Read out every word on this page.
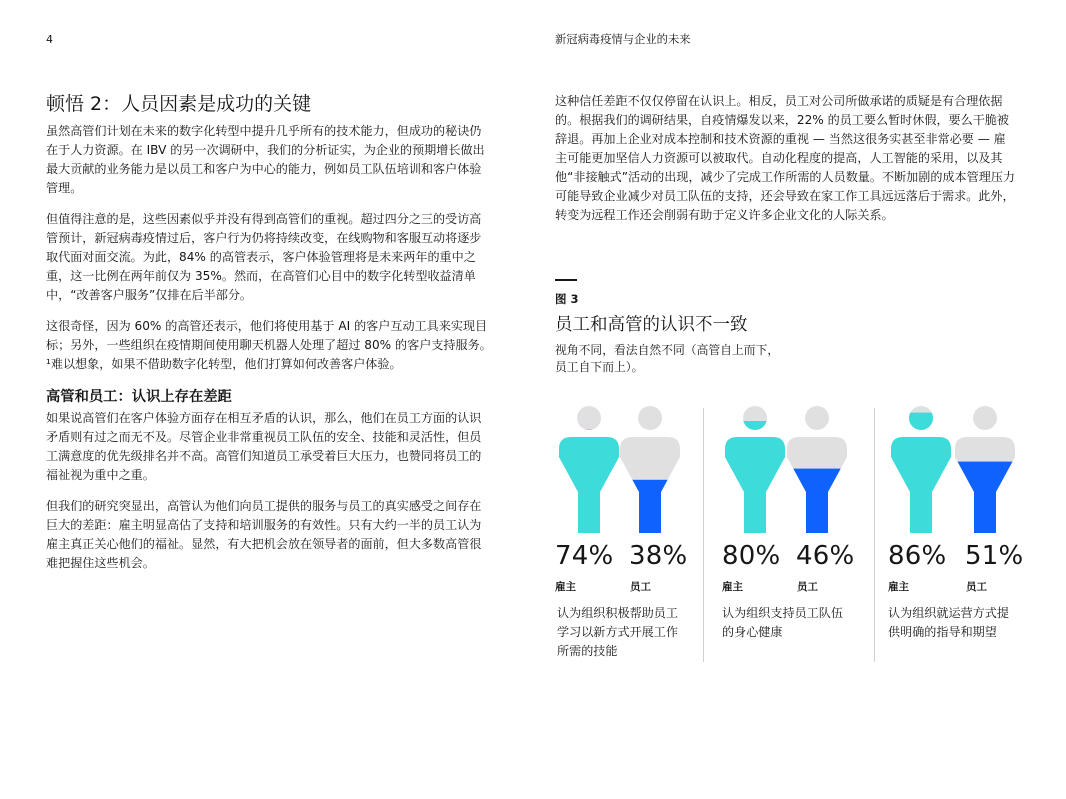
4	新冠病毒疫情与企业的未来
顿悟 2：人员因素是成功的关键

虽然高管们计划在未来的数字化转型中提升几乎所有的技术能力，但成功的秘诀仍在于人力资源。在 IBV 的另一次调研中，我们的分析证实，为企业的预期增长做出最大贡献的业务能力是以员工和客户为中心的能力，例如员工队伍培训和客户体验管理。

但值得注意的是，这些因素似乎并没有得到高管们的重视。超过四分之三的受访高管预计，新冠病毒疫情过后，客户行为仍将持续改变，在线购物和客服互动将逐步取代面对面交流。为此，84% 的高管表示，客户体验管理将是未来两年的重中之重，这一比例在两年前仅为 35%。然而，在高管们心目中的数字化转型收益清单中，“改善客户服务”仅排在后半部分。

这很奇怪，因为 60% 的高管还表示，他们将使用基于 AI 的客户互动工具来实现目标；另外，一些组织在疫情期间使用聊天机器人处理了超过 80% 的客户支持服务。¹难以想象，如果不借助数字化转型，他们打算如何改善客户体验。

高管和员工：认识上存在差距

如果说高管们在客户体验方面存在相互矛盾的认识，那么，他们在员工方面的认识矛盾则有过之而无不及。尽管企业非常重视员工队伍的安全、技能和灵活性，但员工满意度的优先级排名并不高。高管们知道员工承受着巨大压力，也赞同将员工的福祉视为重中之重。

但我们的研究突显出，高管认为他们向员工提供的服务与员工的真实感受之间存在巨大的差距：雇主明显高估了支持和培训服务的有效性。只有大约一半的员工认为雇主真正关心他们的福祉。显然，有大把机会放在领导者的面前，但大多数高管很难把握住这些机会。

这种信任差距不仅仅停留在认识上。相反，员工对公司所做承诺的质疑是有合理依据的。根据我们的调研结果，自疫情爆发以来，22% 的员工要么暂时休假，要么干脆被辞退。再加上企业对成本控制和技术资源的重视 — 当然这很务实甚至非常必要 — 雇主可能更加坚信人力资源可以被取代。自动化程度的提高，人工智能的采用，以及其他“非接触式”活动的出现，减少了完成工作所需的人员数量。不断加剧的成本管理压力可能导致企业减少对员工队伍的支持，还会导致在家工作工具远远落后于需求。此外，转变为远程工作还会削弱有助于定义许多企业文化的人际关系。

图 3
员工和高管的认识不一致
视角不同，看法自然不同（高管自上而下，员工自下而上）。
74% 38%
雇主	员工
认为组织积极帮助员工学习以新方式开展工作所需的技能
80% 46%
雇主	员工
认为组织支持员工队伍的身心健康
86% 51%
雇主	员工
认为组织就运营方式提供明确的指导和期望
